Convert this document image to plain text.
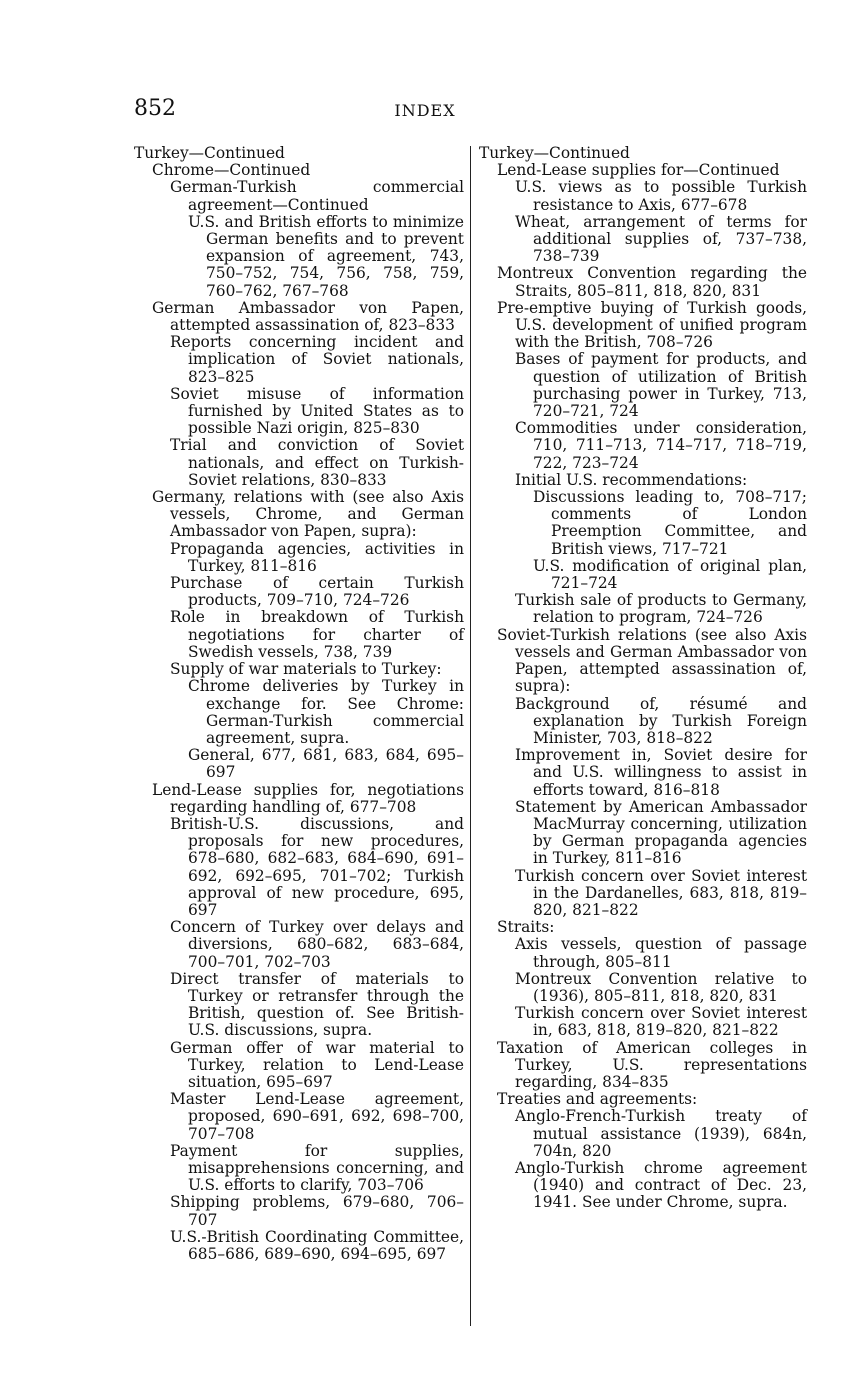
852	INDEX

Turkey—Continued

Chrome—Continued

German-Turkish commercial agreement—Continued

U.S. and British efforts to minimize German benefits and to prevent expansion of agreement, 743, 750–752, 754, 756, 758, 759, 760–762, 767–768

German Ambassador von Papen, attempted assassination of, 823–833

Reports concerning incident and implication of Soviet nationals, 823–825

Soviet misuse of information furnished by United States as to possible Nazi origin, 825–830

Trial and conviction of Soviet nationals, and effect on Turkish-Soviet relations, 830–833

Germany, relations with (see also Axis vessels, Chrome, and German Ambassador von Papen, supra):

Propaganda agencies, activities in Turkey, 811–816

Purchase of certain Turkish products, 709–710, 724–726

Role in breakdown of Turkish negotiations for charter of Swedish vessels, 738, 739

Supply of war materials to Turkey:

Chrome deliveries by Turkey in exchange for. See Chrome: German-Turkish commercial agreement, supra.

General, 677, 681, 683, 684, 695–697

Lend-Lease supplies for, negotiations regarding handling of, 677–708

British-U.S. discussions, and proposals for new procedures, 678–680, 682–683, 684–690, 691–692, 692–695, 701–702; Turkish approval of new procedure, 695, 697

Concern of Turkey over delays and diversions, 680–682, 683–684, 700–701, 702–703

Direct transfer of materials to Turkey or retransfer through the British, question of. See British-U.S. discussions, supra.

German offer of war material to Turkey, relation to Lend-Lease situation, 695–697

Master Lend-Lease agreement, proposed, 690–691, 692, 698–700, 707–708

Payment for supplies, misapprehensions concerning, and U.S. efforts to clarify, 703–706

Shipping problems, 679–680, 706–707

U.S.-British Coordinating Committee, 685–686, 689–690, 694–695, 697

Turkey—Continued

Lend-Lease supplies for—Continued

U.S. views as to possible Turkish resistance to Axis, 677–678

Wheat, arrangement of terms for additional supplies of, 737–738, 738–739

Montreux Convention regarding the Straits, 805–811, 818, 820, 831

Pre-emptive buying of Turkish goods, U.S. development of unified program with the British, 708–726

Bases of payment for products, and question of utilization of British purchasing power in Turkey, 713, 720–721, 724

Commodities under consideration, 710, 711–713, 714–717, 718–719, 722, 723–724

Initial U.S. recommendations:

Discussions leading to, 708–717; comments of London Preemption Committee, and British views, 717–721

U.S. modification of original plan, 721–724

Turkish sale of products to Germany, relation to program, 724–726

Soviet-Turkish relations (see also Axis vessels and German Ambassador von Papen, attempted assassination of, supra):

Background of, résumé and explanation by Turkish Foreign Minister, 703, 818–822

Improvement in, Soviet desire for and U.S. willingness to assist in efforts toward, 816–818

Statement by American Ambassador MacMurray concerning, utilization by German propaganda agencies in Turkey, 811–816

Turkish concern over Soviet interest in the Dardanelles, 683, 818, 819–820, 821–822

Straits:

Axis vessels, question of passage through, 805–811

Montreux Convention relative to (1936), 805–811, 818, 820, 831

Turkish concern over Soviet interest in, 683, 818, 819–820, 821–822

Taxation of American colleges in Turkey, U.S. representations regarding, 834–835

Treaties and agreements:

Anglo-French-Turkish treaty of mutual assistance (1939), 684n, 704n, 820

Anglo-Turkish chrome agreement (1940) and contract of Dec. 23, 1941. See under Chrome, supra.
